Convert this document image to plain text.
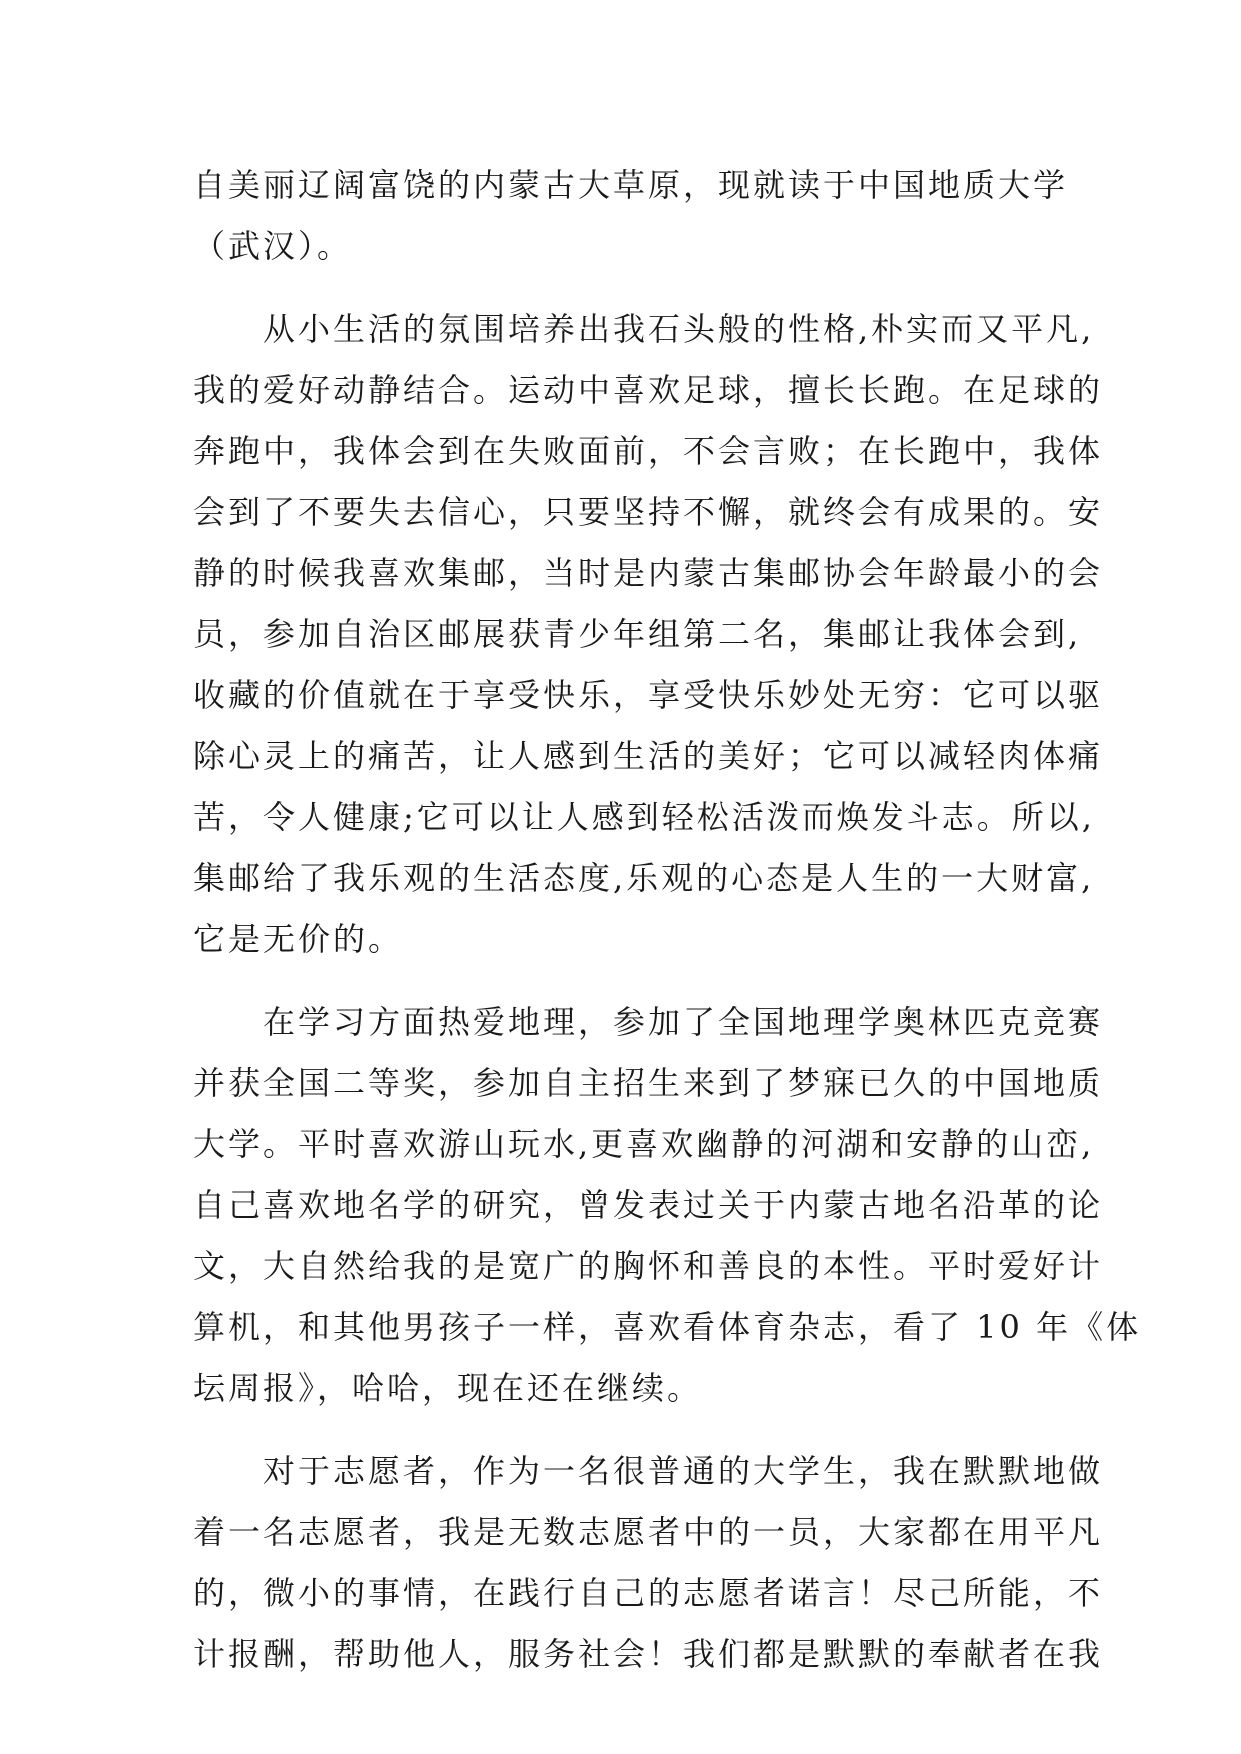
自美丽辽阔富饶的内蒙古大草原，现就读于中国地质大学
（武汉）。
　　从小生活的氛围培养出我石头般的性格,朴实而又平凡,
我的爱好动静结合。运动中喜欢足球，擅长长跑。在足球的
奔跑中，我体会到在失败面前，不会言败；在长跑中，我体
会到了不要失去信心，只要坚持不懈，就终会有成果的。安
静的时候我喜欢集邮，当时是内蒙古集邮协会年龄最小的会
员，参加自治区邮展获青少年组第二名，集邮让我体会到,
收藏的价值就在于享受快乐，享受快乐妙处无穷：它可以驱
除心灵上的痛苦，让人感到生活的美好；它可以减轻肉体痛
苦，令人健康;它可以让人感到轻松活泼而焕发斗志。所以,
集邮给了我乐观的生活态度,乐观的心态是人生的一大财富,
它是无价的。
　　在学习方面热爱地理，参加了全国地理学奥林匹克竞赛
并获全国二等奖，参加自主招生来到了梦寐已久的中国地质
大学。平时喜欢游山玩水,更喜欢幽静的河湖和安静的山峦,
自己喜欢地名学的研究，曾发表过关于内蒙古地名沿革的论
文，大自然给我的是宽广的胸怀和善良的本性。平时爱好计
算机，和其他男孩子一样，喜欢看体育杂志，看了 10 年《体
坛周报》，哈哈，现在还在继续。
　　对于志愿者，作为一名很普通的大学生，我在默默地做
着一名志愿者，我是无数志愿者中的一员，大家都在用平凡
的，微小的事情，在践行自己的志愿者诺言！尽己所能，不
计报酬，帮助他人，服务社会！我们都是默默的奉献者在我
